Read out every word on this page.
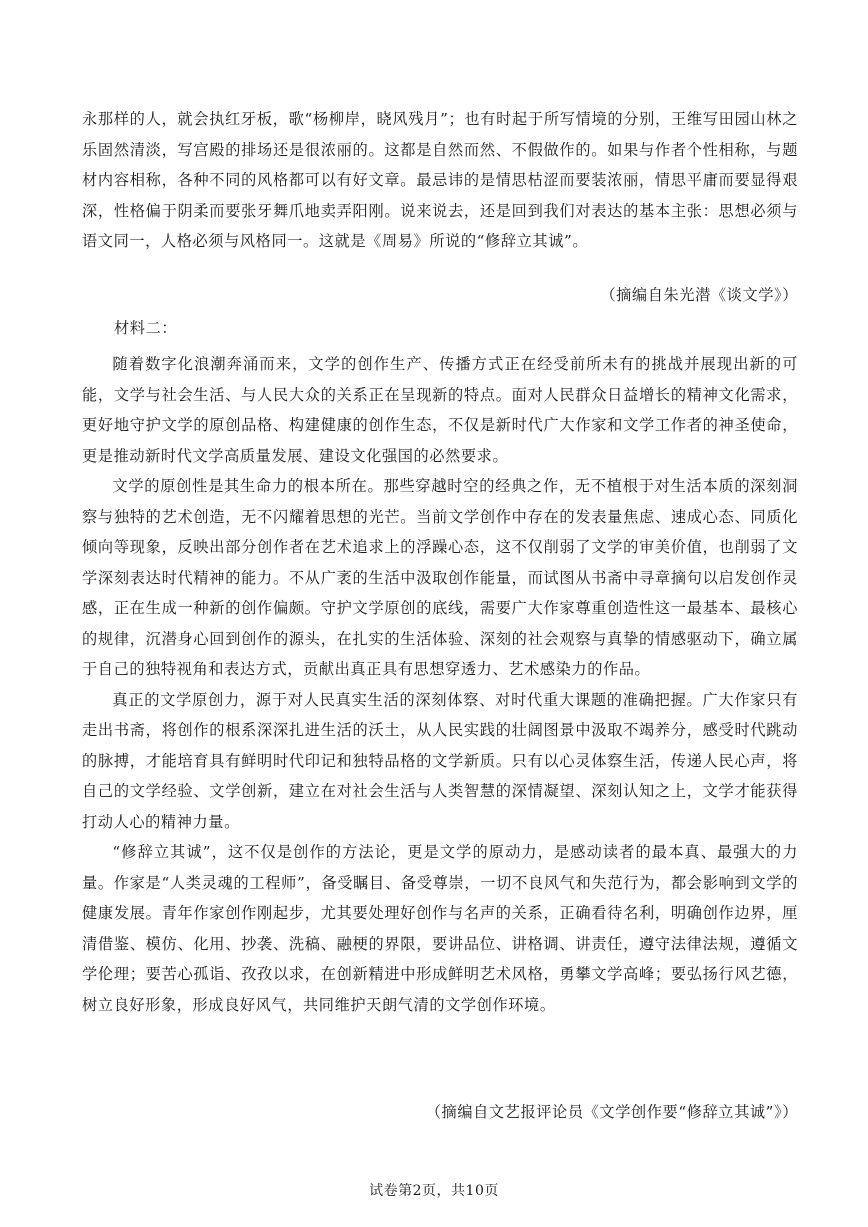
永那样的人，就会执红牙板，歌“杨柳岸，晓风残月”；也有时起于所写情境的分别，王维写田园山林之乐固然清淡，写宫殿的排场还是很浓丽的。这都是自然而然、不假做作的。如果与作者个性相称，与题材内容相称，各种不同的风格都可以有好文章。最忌讳的是情思枯涩而要装浓丽，情思平庸而要显得艰深，性格偏于阴柔而要张牙舞爪地卖弄阳刚。说来说去，还是回到我们对表达的基本主张：思想必须与语文同一，人格必须与风格同一。这就是《周易》所说的“修辞立其诚”。

（摘编自朱光潜《谈文学》）

材料二：

随着数字化浪潮奔涌而来，文学的创作生产、传播方式正在经受前所未有的挑战并展现出新的可能，文学与社会生活、与人民大众的关系正在呈现新的特点。面对人民群众日益增长的精神文化需求，更好地守护文学的原创品格、构建健康的创作生态，不仅是新时代广大作家和文学工作者的神圣使命，更是推动新时代文学高质量发展、建设文化强国的必然要求。

文学的原创性是其生命力的根本所在。那些穿越时空的经典之作，无不植根于对生活本质的深刻洞察与独特的艺术创造，无不闪耀着思想的光芒。当前文学创作中存在的发表量焦虑、速成心态、同质化倾向等现象，反映出部分创作者在艺术追求上的浮躁心态，这不仅削弱了文学的审美价值，也削弱了文学深刻表达时代精神的能力。不从广袤的生活中汲取创作能量，而试图从书斋中寻章摘句以启发创作灵感，正在生成一种新的创作偏颇。守护文学原创的底线，需要广大作家尊重创造性这一最基本、最核心的规律，沉潜身心回到创作的源头，在扎实的生活体验、深刻的社会观察与真挚的情感驱动下，确立属于自己的独特视角和表达方式，贡献出真正具有思想穿透力、艺术感染力的作品。

真正的文学原创力，源于对人民真实生活的深刻体察、对时代重大课题的准确把握。广大作家只有走出书斋，将创作的根系深深扎进生活的沃土，从人民实践的壮阔图景中汲取不竭养分，感受时代跳动的脉搏，才能培育具有鲜明时代印记和独特品格的文学新质。只有以心灵体察生活，传递人民心声，将自己的文学经验、文学创新，建立在对社会生活与人类智慧的深情凝望、深刻认知之上，文学才能获得打动人心的精神力量。

“修辞立其诚”，这不仅是创作的方法论，更是文学的原动力，是感动读者的最本真、最强大的力量。作家是“人类灵魂的工程师”，备受瞩目、备受尊崇，一切不良风气和失范行为，都会影响到文学的健康发展。青年作家创作刚起步，尤其要处理好创作与名声的关系，正确看待名利，明确创作边界，厘清借鉴、模仿、化用、抄袭、洗稿、融梗的界限，要讲品位、讲格调、讲责任，遵守法律法规，遵循文学伦理；要苦心孤诣、孜孜以求，在创新精进中形成鲜明艺术风格，勇攀文学高峰；要弘扬行风艺德，树立良好形象，形成良好风气，共同维护天朗气清的文学创作环境。

（摘编自文艺报评论员《文学创作要“修辞立其诚”》）

试卷第2页，共10页
